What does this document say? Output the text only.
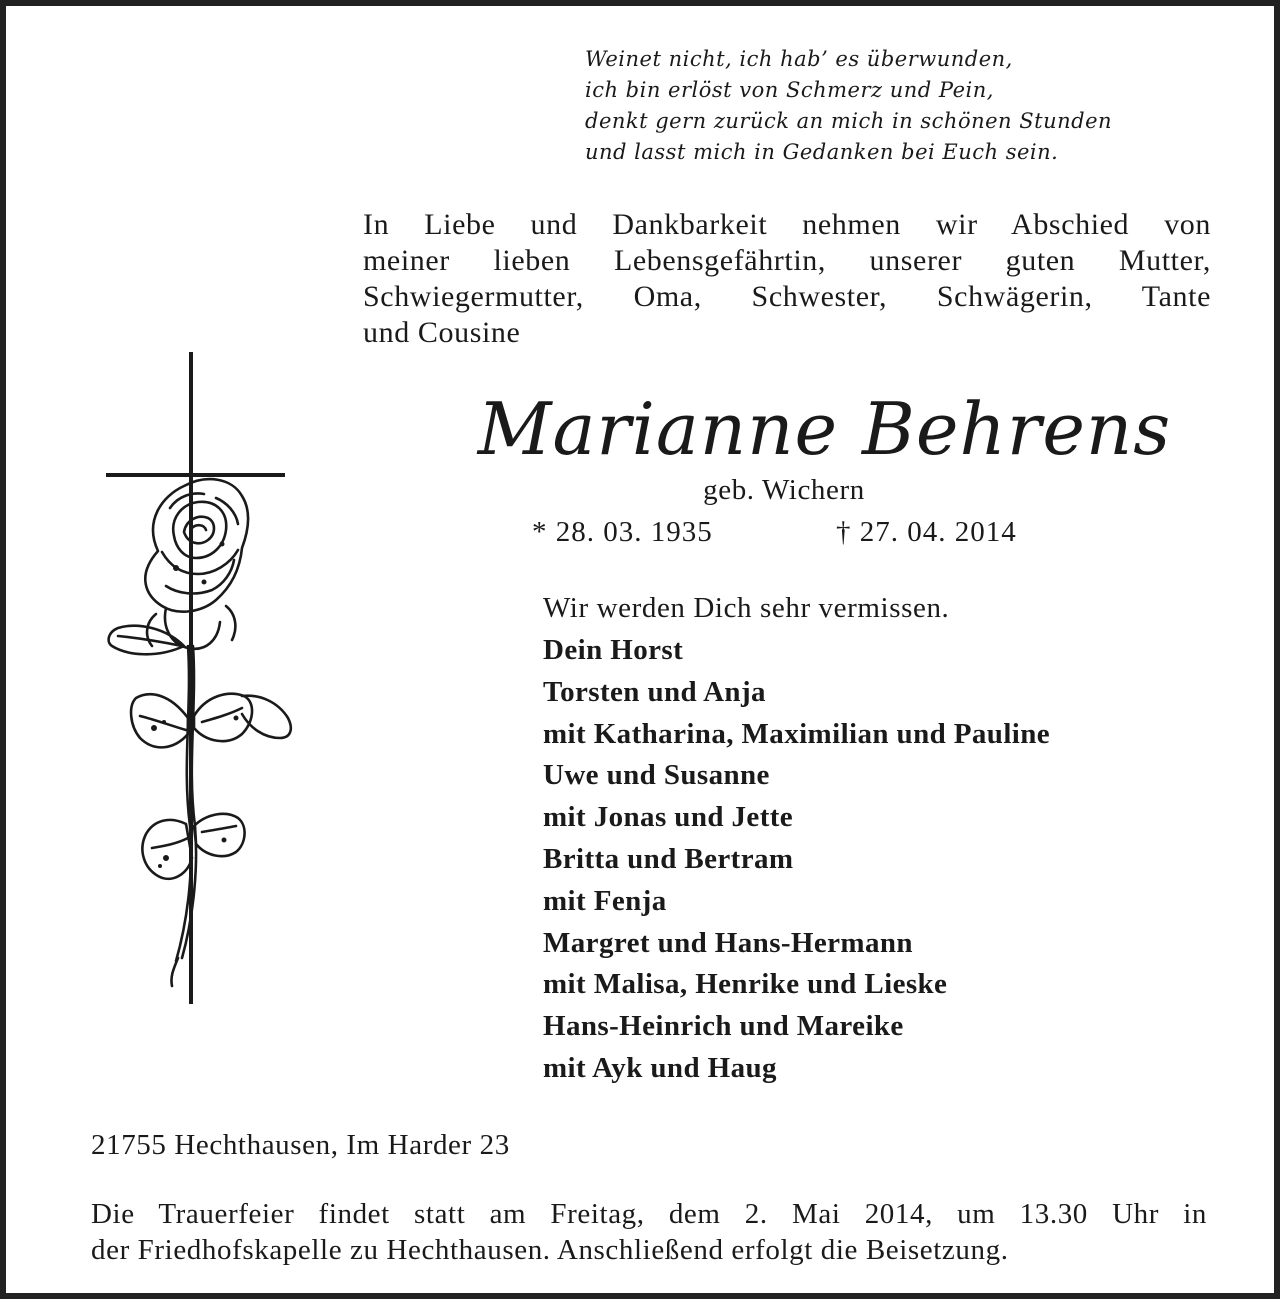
Weinet nicht, ich hab’ es überwunden,
ich bin erlöst von Schmerz und Pein,
denkt gern zurück an mich in schönen Stunden
und lasst mich in Gedanken bei Euch sein.
In Liebe und Dankbarkeit nehmen wir Abschied von
meiner lieben Lebensgefährtin, unserer guten Mutter,
Schwiegermutter, Oma, Schwester, Schwägerin, Tante
und Cousine
Marianne Behrens
geb. Wichern
* 28. 03. 1935	† 27. 04. 2014
Wir werden Dich sehr vermissen.
Dein Horst
Torsten und Anja
mit Katharina, Maximilian und Pauline
Uwe und Susanne
mit Jonas und Jette
Britta und Bertram
mit Fenja
Margret und Hans-Hermann
mit Malisa, Henrike und Lieske
Hans-Heinrich und Mareike
mit Ayk und Haug
21755 Hechthausen, Im Harder 23
Die Trauerfeier findet statt am Freitag, dem 2. Mai 2014, um 13.30 Uhr in
der Friedhofskapelle zu Hechthausen. Anschließend erfolgt die Beisetzung.
